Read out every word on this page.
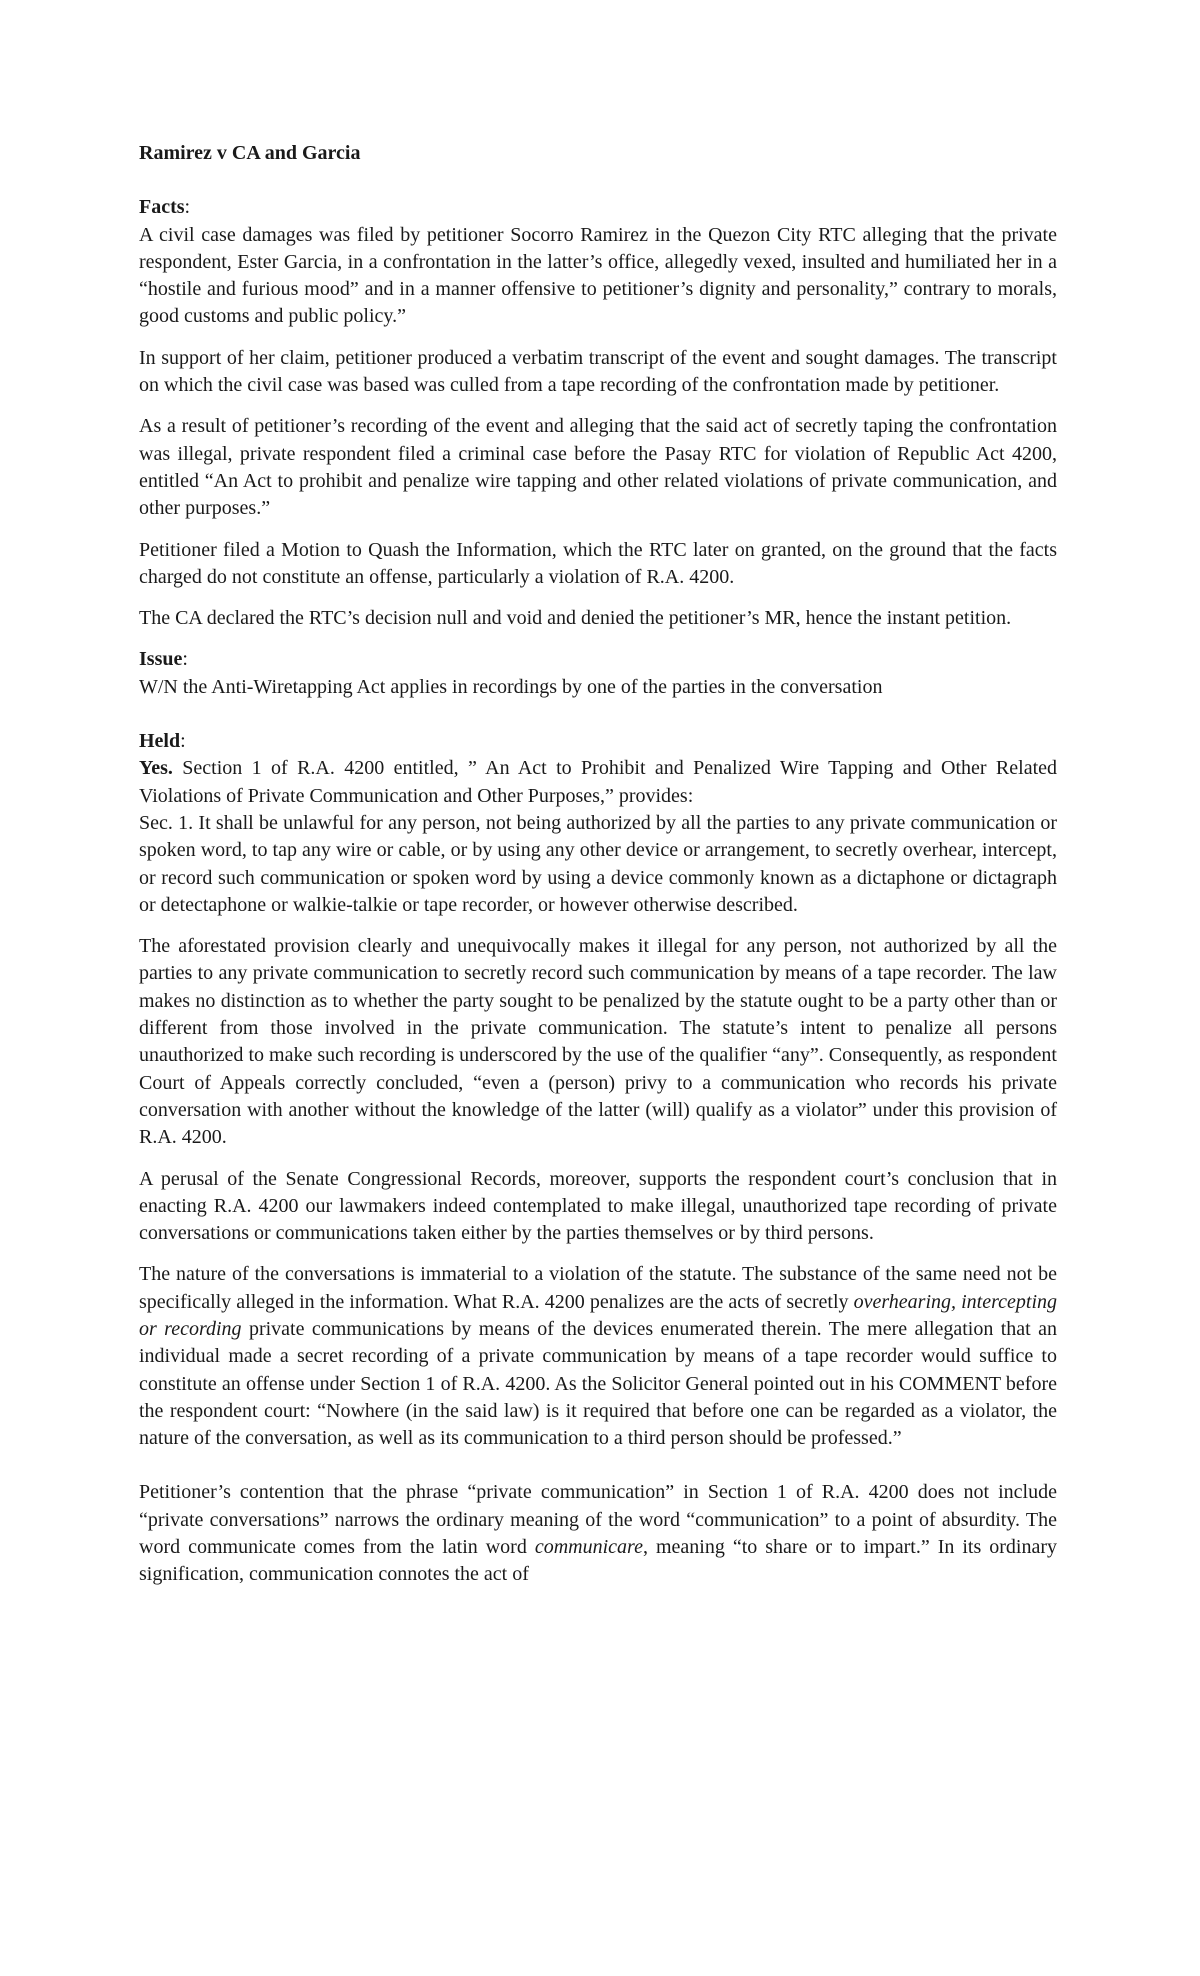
Ramirez v CA and Garcia

Facts:

A civil case damages was filed by petitioner Socorro Ramirez in the Quezon City RTC alleging that the private respondent, Ester Garcia, in a confrontation in the latter’s office, allegedly vexed, insulted and humiliated her in a “hostile and furious mood” and in a manner offensive to petitioner’s dignity and personality,” contrary to morals, good customs and public policy.”

In support of her claim, petitioner produced a verbatim transcript of the event and sought damages. The transcript on which the civil case was based was culled from a tape recording of the confrontation made by petitioner.

As a result of petitioner’s recording of the event and alleging that the said act of secretly taping the confrontation was illegal, private respondent filed a criminal case before the Pasay RTC for violation of Republic Act 4200, entitled “An Act to prohibit and penalize wire tapping and other related violations of private communication, and other purposes.”

Petitioner filed a Motion to Quash the Information, which the RTC later on granted, on the ground that the facts charged do not constitute an offense, particularly a violation of R.A. 4200.

The CA declared the RTC’s decision null and void and denied the petitioner’s MR, hence the instant petition.

Issue:

W/N the Anti-Wiretapping Act applies in recordings by one of the parties in the conversation

Held:

Yes. Section 1 of R.A. 4200 entitled, ” An Act to Prohibit and Penalized Wire Tapping and Other Related Violations of Private Communication and Other Purposes,” provides:

Sec. 1. It shall be unlawful for any person, not being authorized by all the parties to any private communication or spoken word, to tap any wire or cable, or by using any other device or arrangement, to secretly overhear, intercept, or record such communication or spoken word by using a device commonly known as a dictaphone or dictagraph or detectaphone or walkie-talkie or tape recorder, or however otherwise described.

The aforestated provision clearly and unequivocally makes it illegal for any person, not authorized by all the parties to any private communication to secretly record such communication by means of a tape recorder. The law makes no distinction as to whether the party sought to be penalized by the statute ought to be a party other than or different from those involved in the private communication. The statute’s intent to penalize all persons unauthorized to make such recording is underscored by the use of the qualifier “any”. Consequently, as respondent Court of Appeals correctly concluded, “even a (person) privy to a communication who records his private conversation with another without the knowledge of the latter (will) qualify as a violator” under this provision of R.A. 4200.

A perusal of the Senate Congressional Records, moreover, supports the respondent court’s conclusion that in enacting R.A. 4200 our lawmakers indeed contemplated to make illegal, unauthorized tape recording of private conversations or communications taken either by the parties themselves or by third persons.

The nature of the conversations is immaterial to a violation of the statute. The substance of the same need not be specifically alleged in the information. What R.A. 4200 penalizes are the acts of secretly overhearing, intercepting or recording private communications by means of the devices enumerated therein. The mere allegation that an individual made a secret recording of a private communication by means of a tape recorder would suffice to constitute an offense under Section 1 of R.A. 4200. As the Solicitor General pointed out in his COMMENT before the respondent court: “Nowhere (in the said law) is it required that before one can be regarded as a violator, the nature of the conversation, as well as its communication to a third person should be professed.”

Petitioner’s contention that the phrase “private communication” in Section 1 of R.A. 4200 does not include “private conversations” narrows the ordinary meaning of the word “communication” to a point of absurdity. The word communicate comes from the latin word communicare, meaning “to share or to impart.” In its ordinary signification, communication connotes the act of
